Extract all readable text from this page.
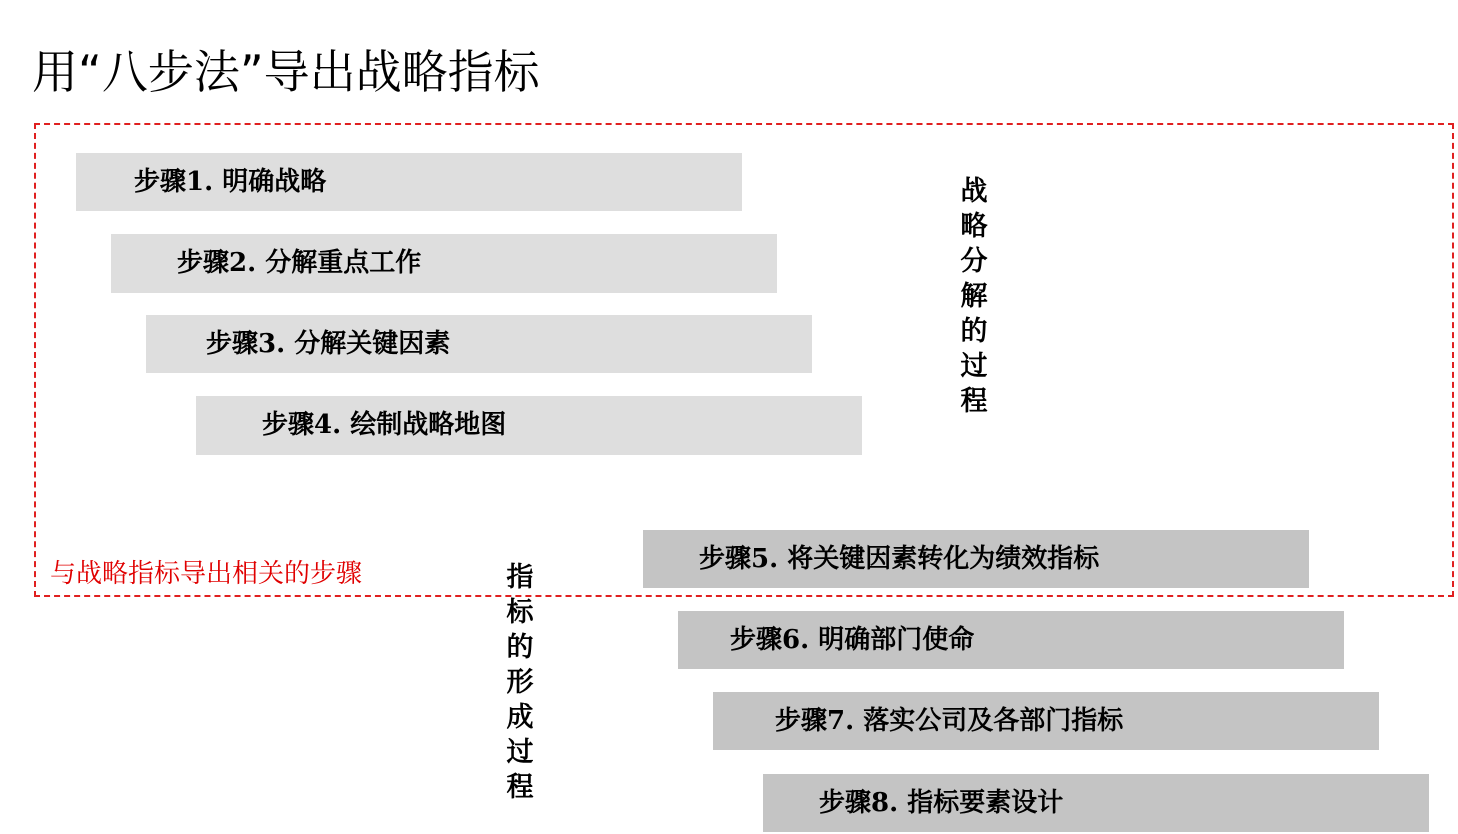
用“八步法”导出战略指标
步骤1. 明确战略
步骤2. 分解重点工作
步骤3. 分解关键因素
步骤4. 绘制战略地图
战略分解的过程
与战略指标导出相关的步骤	指标的形成过程
步骤5. 将关键因素转化为绩效指标
步骤6. 明确部门使命
步骤7. 落实公司及各部门指标
步骤8. 指标要素设计
